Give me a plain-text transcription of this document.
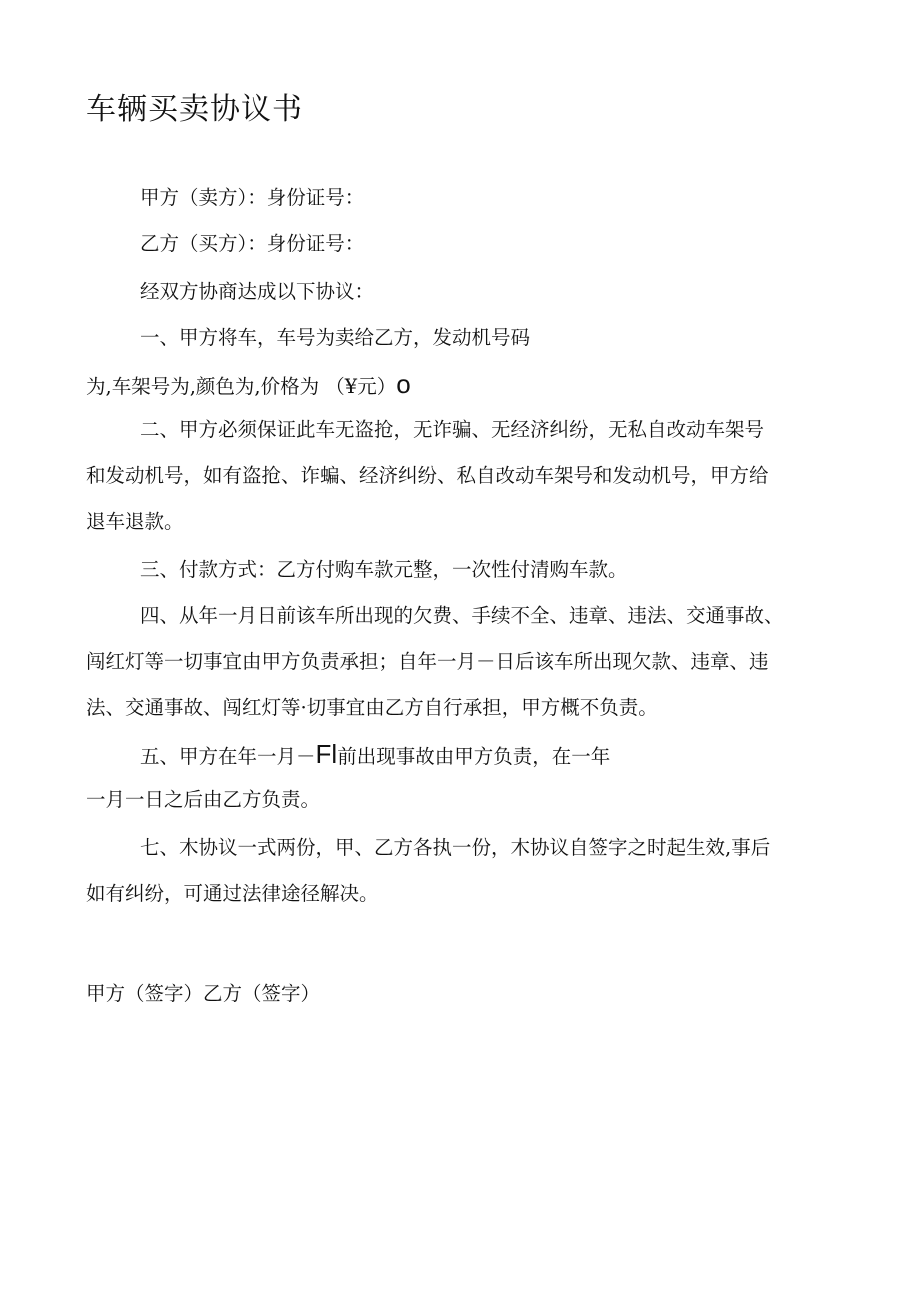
车辆买卖协议书

甲方（卖方）：身份证号：

乙方（买方）：身份证号：

经双方协商达成以下协议：

一、甲方将车，车号为卖给乙方，发动机号码

为,车架号为,颜色为,价格为 （¥元）o

二、甲方必须保证此车无盗抢，无诈骗、无经济纠纷，无私自改动车架号

和发动机号，如有盗抢、诈蝙、经济纠纷、私自改动车架号和发动机号，甲方给

退车退款。

三、付款方式：乙方付购车款元整，一次性付清购车款。

四、从年一月日前该车所出现的欠费、手续不全、违章、违法、交通事故、

闯红灯等一切事宜由甲方负责承担；自年一月－日后该车所出现欠款、违章、违

法、交通事故、闯红灯等·切事宜由乙方自行承担，甲方概不负责。

五、甲方在年一月－Fl前出现事故由甲方负责，在一年

一月一日之后由乙方负责。

七、木协议一式两份，甲、乙方各执一份，木协议自签字之时起生效,事后

如有纠纷，可通过法律途径解决。

甲方（签字）乙方（签字）
